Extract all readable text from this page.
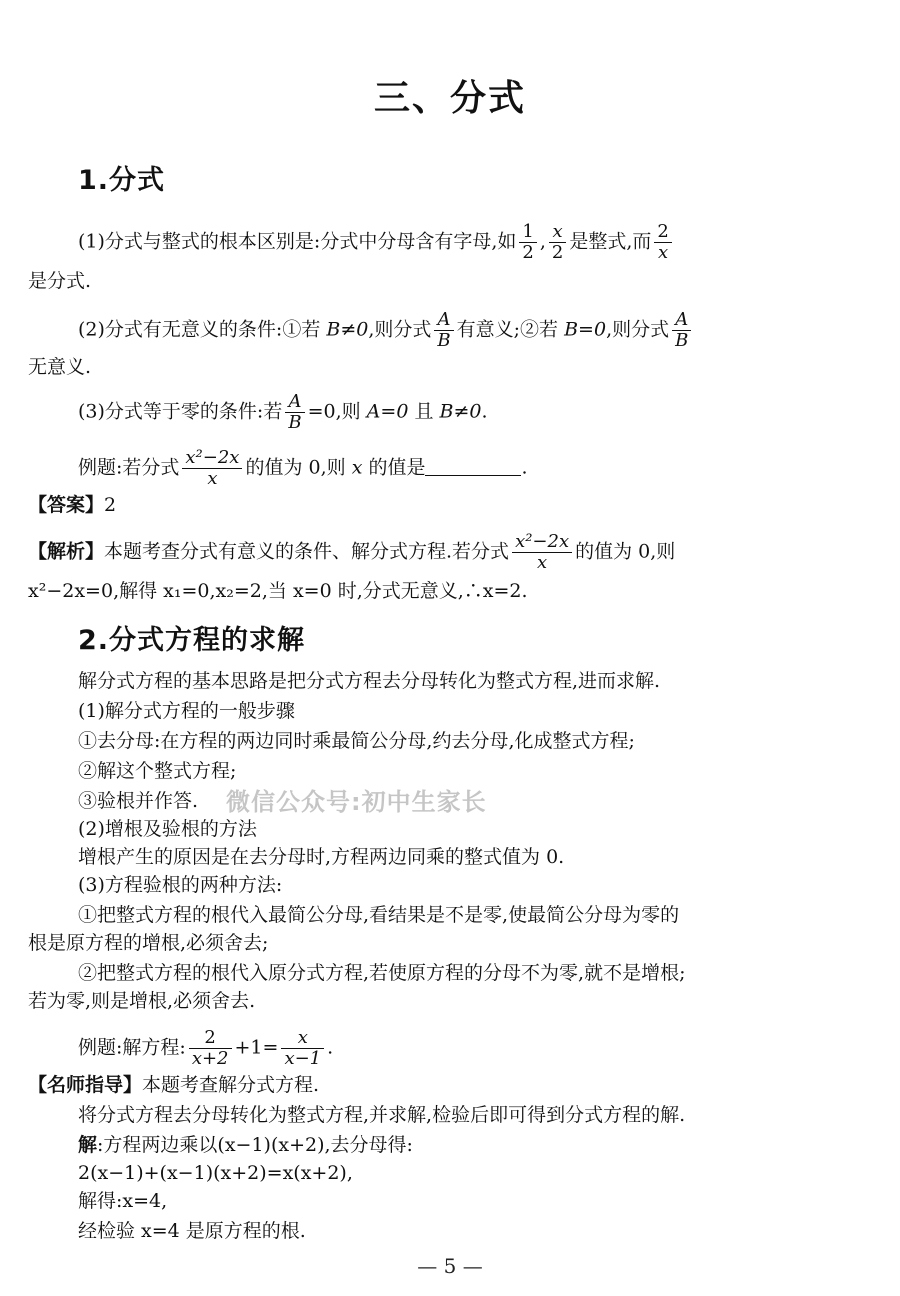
三、分式
1.分式
(1)分式与整式的根本区别是:分式中分母含有字母,如 $\frac{1}{2}$ , $\frac{x}{2}$ 是整式,而 $\frac{2}{x}$
是分式.
(2)分式有无意义的条件:①若 B≠0,则分式 $\frac{A}{B}$ 有意义;②若 B=0,则分式 $\frac{A}{B}$
无意义.
(3)分式等于零的条件:若 $\frac{A}{B} =0$,则 A=0 且 B≠0.
例题:若分式 $\frac{\text{x²−2x}}{x}$ 的值为 0,则 x 的值是	.
【答案】2
【解析】本题考查分式有意义的条件、解分式方程.若分式 $\frac{\text{x²−2x}}{x}$ 的值为 0,则
x²−2x=0,解得 x₁=0,x₂=2,当 x=0 时,分式无意义,∴x=2.
2.分式方程的求解
解分式方程的基本思路是把分式方程去分母转化为整式方程,进而求解.
(1)解分式方程的一般步骤
①去分母:在方程的两边同时乘最简公分母,约去分母,化成整式方程;
②解这个整式方程;
③验根并作答.
(2)增根及验根的方法
增根产生的原因是在去分母时,方程两边同乘的整式值为 0.
(3)方程验根的两种方法:
①把整式方程的根代入最简公分母,看结果是不是零,使最简公分母为零的
根是原方程的增根,必须舍去;
②把整式方程的根代入原分式方程,若使原方程的分母不为零,就不是增根;
若为零,则是增根,必须舍去.
例题:解方程: $\frac{2}{x+2} +1= \frac{x}{x-1}$ .
【名师指导】本题考查解分式方程.
将分式方程去分母转化为整式方程,并求解,检验后即可得到分式方程的解.
解:方程两边乘以(x−1)(x+2),去分母得:
2(x−1)+(x−1)(x+2)=x(x+2),
解得:x=4,
经检验 x=4 是原方程的根.
微信公众号:初中生家长
— 5 —
